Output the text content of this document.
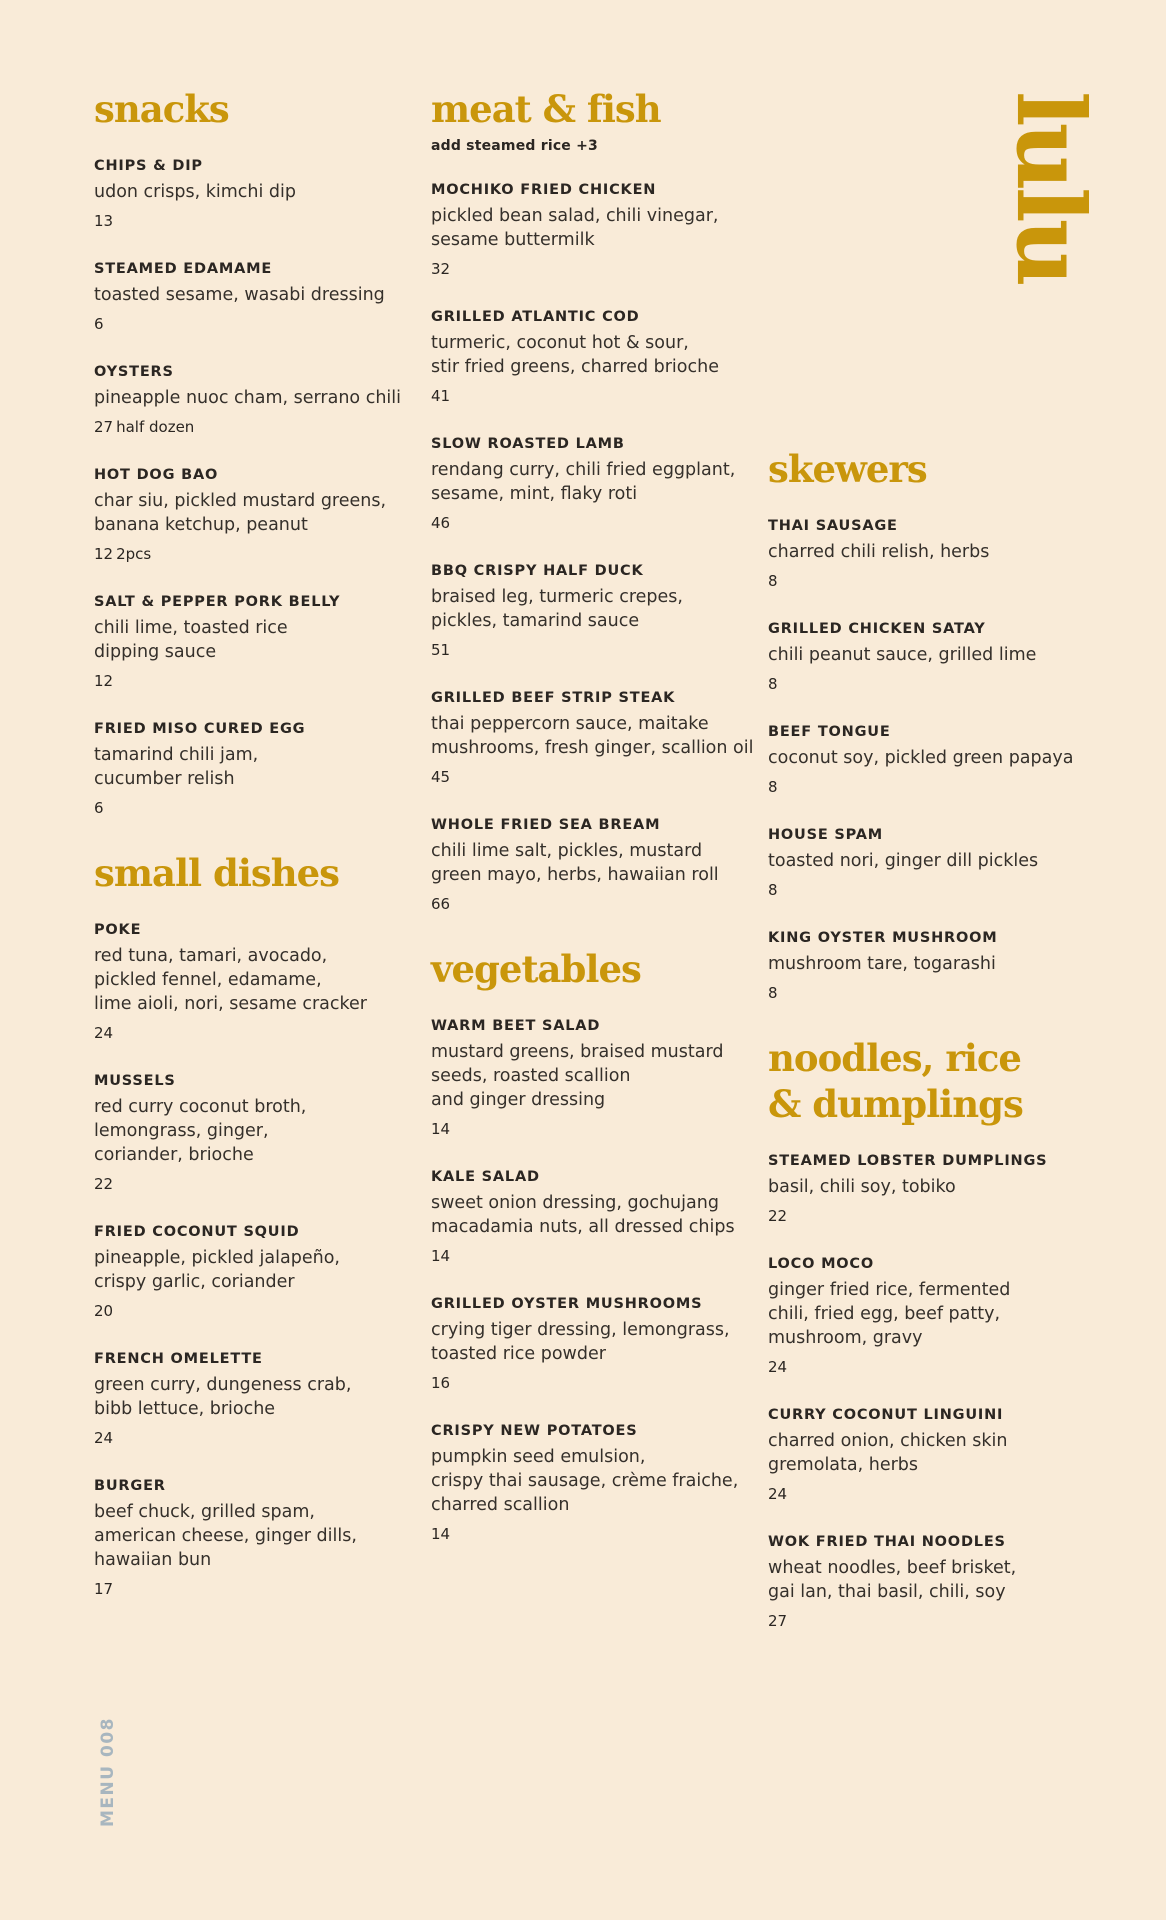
snacks
CHIPS & DIP
udon crisps, kimchi dip
13
STEAMED EDAMAME
toasted sesame, wasabi dressing
6
OYSTERS
pineapple nuoc cham, serrano chili
27 half dozen
HOT DOG BAO
char siu, pickled mustard greens,
banana ketchup, peanut
12 2pcs
SALT & PEPPER PORK BELLY
chili lime, toasted rice
dipping sauce
12
FRIED MISO CURED EGG
tamarind chili jam,
cucumber relish
6
small dishes
POKE
red tuna, tamari, avocado,
pickled fennel, edamame,
lime aioli, nori, sesame cracker
24
MUSSELS
red curry coconut broth,
lemongrass, ginger,
coriander, brioche
22
FRIED COCONUT SQUID
pineapple, pickled jalapeño,
crispy garlic, coriander
20
FRENCH OMELETTE
green curry, dungeness crab,
bibb lettuce, brioche
24
BURGER
beef chuck, grilled spam,
american cheese, ginger dills,
hawaiian bun
17
meat & fish
add steamed rice +3
MOCHIKO FRIED CHICKEN
pickled bean salad, chili vinegar,
sesame buttermilk
32
GRILLED ATLANTIC COD
turmeric, coconut hot & sour,
stir fried greens, charred brioche
41
SLOW ROASTED LAMB
rendang curry, chili fried eggplant,
sesame, mint, flaky roti
46
BBQ CRISPY HALF DUCK
braised leg, turmeric crepes,
pickles, tamarind sauce
51
GRILLED BEEF STRIP STEAK
thai peppercorn sauce, maitake
mushrooms, fresh ginger, scallion oil
45
WHOLE FRIED SEA BREAM
chili lime salt, pickles, mustard
green mayo, herbs, hawaiian roll
66
vegetables
WARM BEET SALAD
mustard greens, braised mustard
seeds, roasted scallion
and ginger dressing
14
KALE SALAD
sweet onion dressing, gochujang
macadamia nuts, all dressed chips
14
GRILLED OYSTER MUSHROOMS
crying tiger dressing, lemongrass,
toasted rice powder
16
CRISPY NEW POTATOES
pumpkin seed emulsion,
crispy thai sausage, crème fraiche,
charred scallion
14
skewers
THAI SAUSAGE
charred chili relish, herbs
8
GRILLED CHICKEN SATAY
chili peanut sauce, grilled lime
8
BEEF TONGUE
coconut soy, pickled green papaya
8
HOUSE SPAM
toasted nori, ginger dill pickles
8
KING OYSTER MUSHROOM
mushroom tare, togarashi
8
noodles, rice
& dumplings
STEAMED LOBSTER DUMPLINGS
basil, chili soy, tobiko
22
LOCO MOCO
ginger fried rice, fermented
chili, fried egg, beef patty,
mushroom, gravy
24
CURRY COCONUT LINGUINI
charred onion, chicken skin
gremolata, herbs
24
WOK FRIED THAI NOODLES
wheat noodles, beef brisket,
gai lan, thai basil, chili, soy
27
lulu
MENU 008
